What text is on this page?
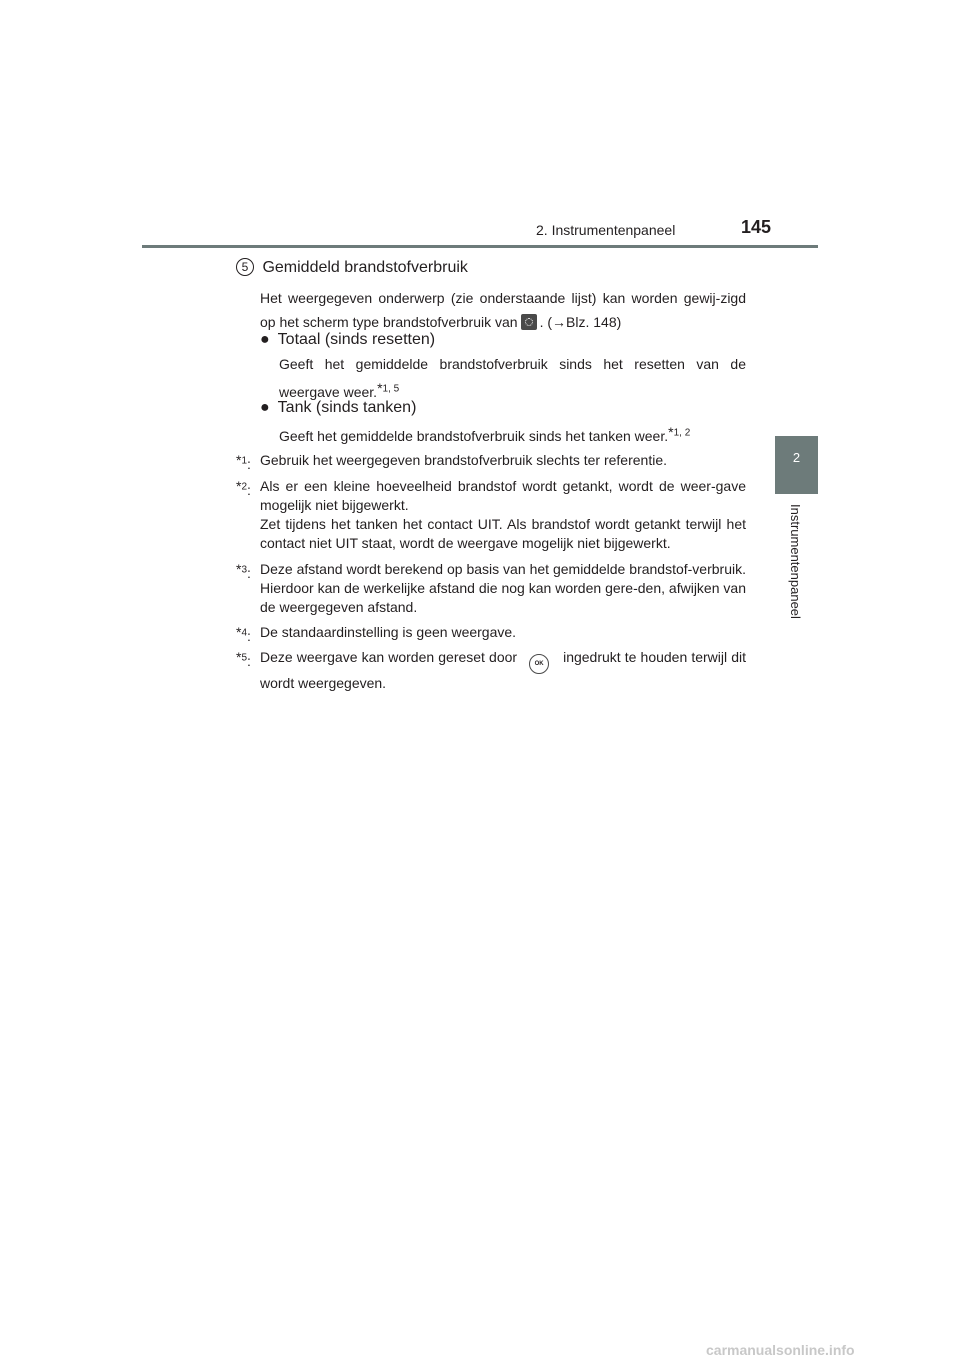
2. Instrumentenpaneel	145
2
Instrumentenpaneel
5 Gemiddeld brandstofverbruik
Het weergegeven onderwerp (zie onderstaande lijst) kan worden gewij-zigd op het scherm type brandstofverbruik van . (→Blz. 148)
● Totaal (sinds resetten)
Geeft het gemiddelde brandstofverbruik sinds het resetten van de weergave weer.*$^{1, 5}$
● Tank (sinds tanken)
Geeft het gemiddelde brandstofverbruik sinds het tanken weer.*$^{1, 2}$
*$^1$: Gebruik het weergegeven brandstofverbruik slechts ter referentie.
*$^2$: Als er een kleine hoeveelheid brandstof wordt getankt, wordt de weer-gave mogelijk niet bijgewerkt.
Zet tijdens het tanken het contact UIT. Als brandstof wordt getankt terwijl het contact niet UIT staat, wordt de weergave mogelijk niet bijgewerkt.
*$^3$: Deze afstand wordt berekend op basis van het gemiddelde brandstof-verbruik. Hierdoor kan de werkelijke afstand die nog kan worden gere-den, afwijken van de weergegeven afstand.
*$^4$: De standaardinstelling is geen weergave.
*$^5$: Deze weergave kan worden gereset door	OK ingedrukt te houden terwijl dit wordt weergegeven.
carmanualsonline.info
